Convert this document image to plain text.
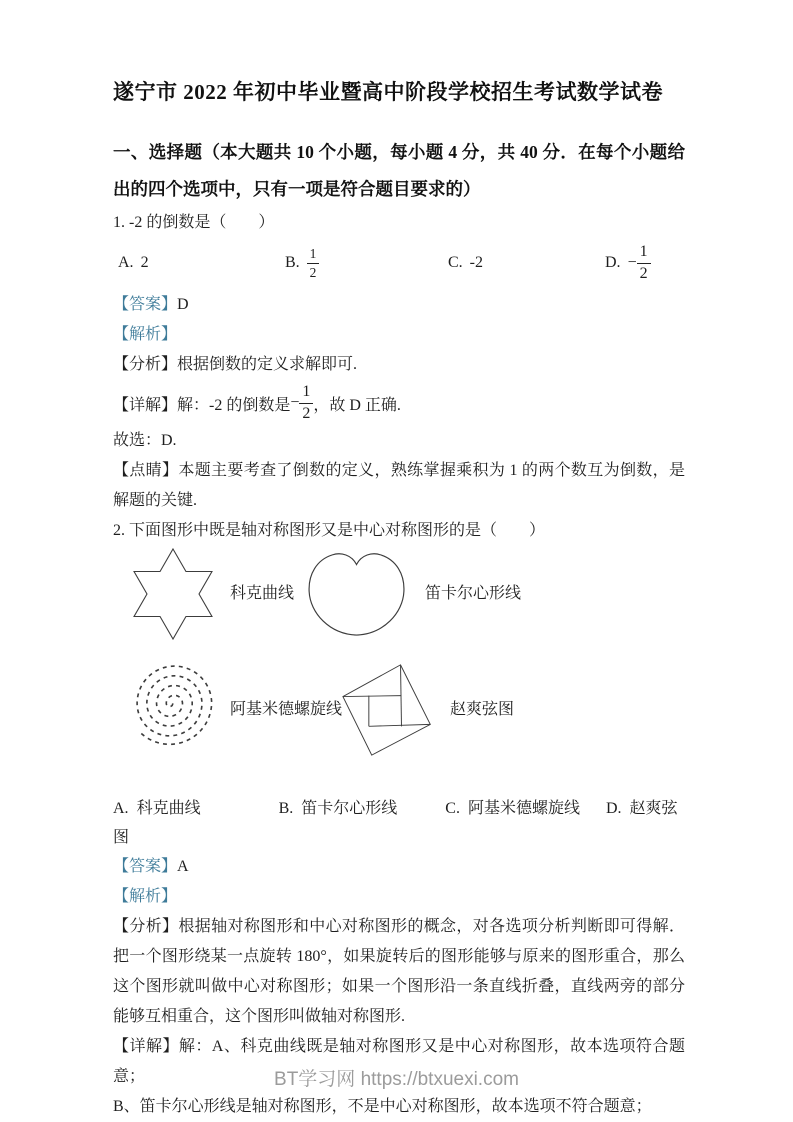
遂宁市 2022 年初中毕业暨高中阶段学校招生考试数学试卷
一、选择题（本大题共 10 个小题，每小题 4 分，共 40 分．在每个小题给出的四个选项中，只有一项是符合题目要求的）

1. -2 的倒数是（　　）

A. 2	B. $\frac{1}{2}$	C. -2	D. − $\frac{1}{2}$

【答案】D

【解析】

【分析】根据倒数的定义求解即可.

【详解】解：-2 的倒数是 − $\frac{1}{2}$ ，故 D 正确.

故选：D.

【点睛】本题主要考查了倒数的定义，熟练掌握乘积为 1 的两个数互为倒数，是解题的关键.

2. 下面图形中既是轴对称图形又是中心对称图形的是（　　）

科克曲线	笛卡尔心形线
阿基米德螺旋线	赵爽弦图

A. 科克曲线	B. 笛卡尔心形线	C. 阿基米德螺旋线 D. 赵爽弦图

【答案】A

【解析】

【分析】根据轴对称图形和中心对称图形的概念，对各选项分析判断即可得解．把一个图形绕某一点旋转 180°，如果旋转后的图形能够与原来的图形重合，那么这个图形就叫做中心对称图形；如果一个图形沿一条直线折叠，直线两旁的部分能够互相重合，这个图形叫做轴对称图形.

【详解】解：A、科克曲线既是轴对称图形又是中心对称图形，故本选项符合题意；

B、笛卡尔心形线是轴对称图形，不是中心对称图形，故本选项不符合题意；

BT学习网 https://btxuexi.com
